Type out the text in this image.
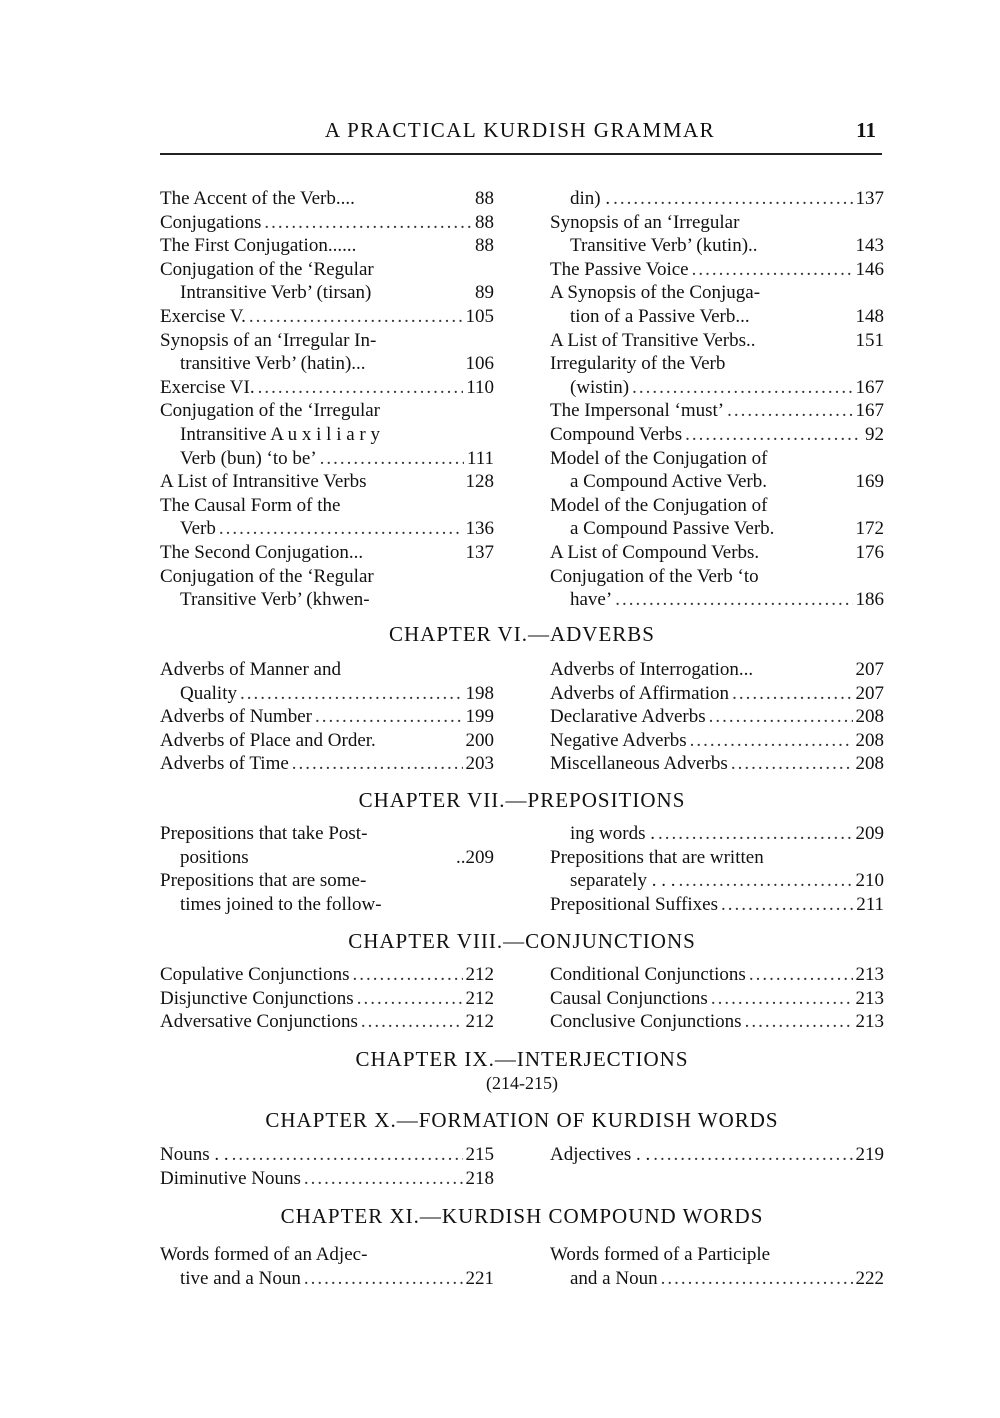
A PRACTICAL KURDISH GRAMMAR	11
The Accent of the Verb....	88
Conjugations .....	88
The First Conjugation......	88
Conjugation of the ‘Regular
Intransitive Verb’ (tirsan)	89
Exercise V. .....	105
Synopsis of an ‘Irregular In-
transitive Verb’ (hatin)...	106
Exercise VI. .....	110
Conjugation of the ‘Irregular
Intransitive A u x i l i a r y
Verb (bun) ‘to be’ .....	111
A List of Intransitive Verbs	128
The Causal Form of the
Verb .....	136
The Second Conjugation...	137
Conjugation of the ‘Regular
Transitive Verb’ (khwen-
din) . .....	137
Synopsis of an ‘Irregular
Transitive Verb’ (kutin)..	143
The Passive Voice .....	146
A Synopsis of the Conjuga-
tion of a Passive Verb...	148
A List of Transitive Verbs..	151
Irregularity of the Verb
(wistin) .....	167
The Impersonal ‘must’ .....	167
Compound Verbs .....	92
Model of the Conjugation of
a Compound Active Verb.	169
Model of the Conjugation of
a Compound Passive Verb.	172
A List of Compound Verbs.	176
Conjugation of the Verb ‘to
have’ .....	186
CHAPTER VI.—ADVERBS
Adverbs of Manner and
Quality .....	198
Adverbs of Number .....	199
Adverbs of Place and Order.	200
Adverbs of Time .....	203
Adverbs of Interrogation...	207
Adverbs of Affirmation .....	207
Declarative Adverbs .....	208
Negative Adverbs .....	208
Miscellaneous Adverbs .....	208
CHAPTER VII.—PREPOSITIONS
Prepositions that take Post-
positions	..209
Prepositions that are some-
times joined to the follow-
ing words . .....	209
Prepositions that are written
separately . . . .....	210
Prepositional Suffixes .....	211
CHAPTER VIII.—CONJUNCTIONS
Copulative Conjunctions .....	212
Disjunctive Conjunctions .....	212
Adversative Conjunctions .....	212
Conditional Conjunctions .....	213
Causal Conjunctions .....	213
Conclusive Conjunctions .....	213
CHAPTER IX.—INTERJECTIONS
(214-215)
CHAPTER X.—FORMATION OF KURDISH WORDS
Nouns . . .....	215
Diminutive Nouns .....	218
Adjectives . . .....	219
CHAPTER XI.—KURDISH COMPOUND WORDS
Words formed of an Adjec-
tive and a Noun .....	221
Words formed of a Participle
and a Noun .....	222
